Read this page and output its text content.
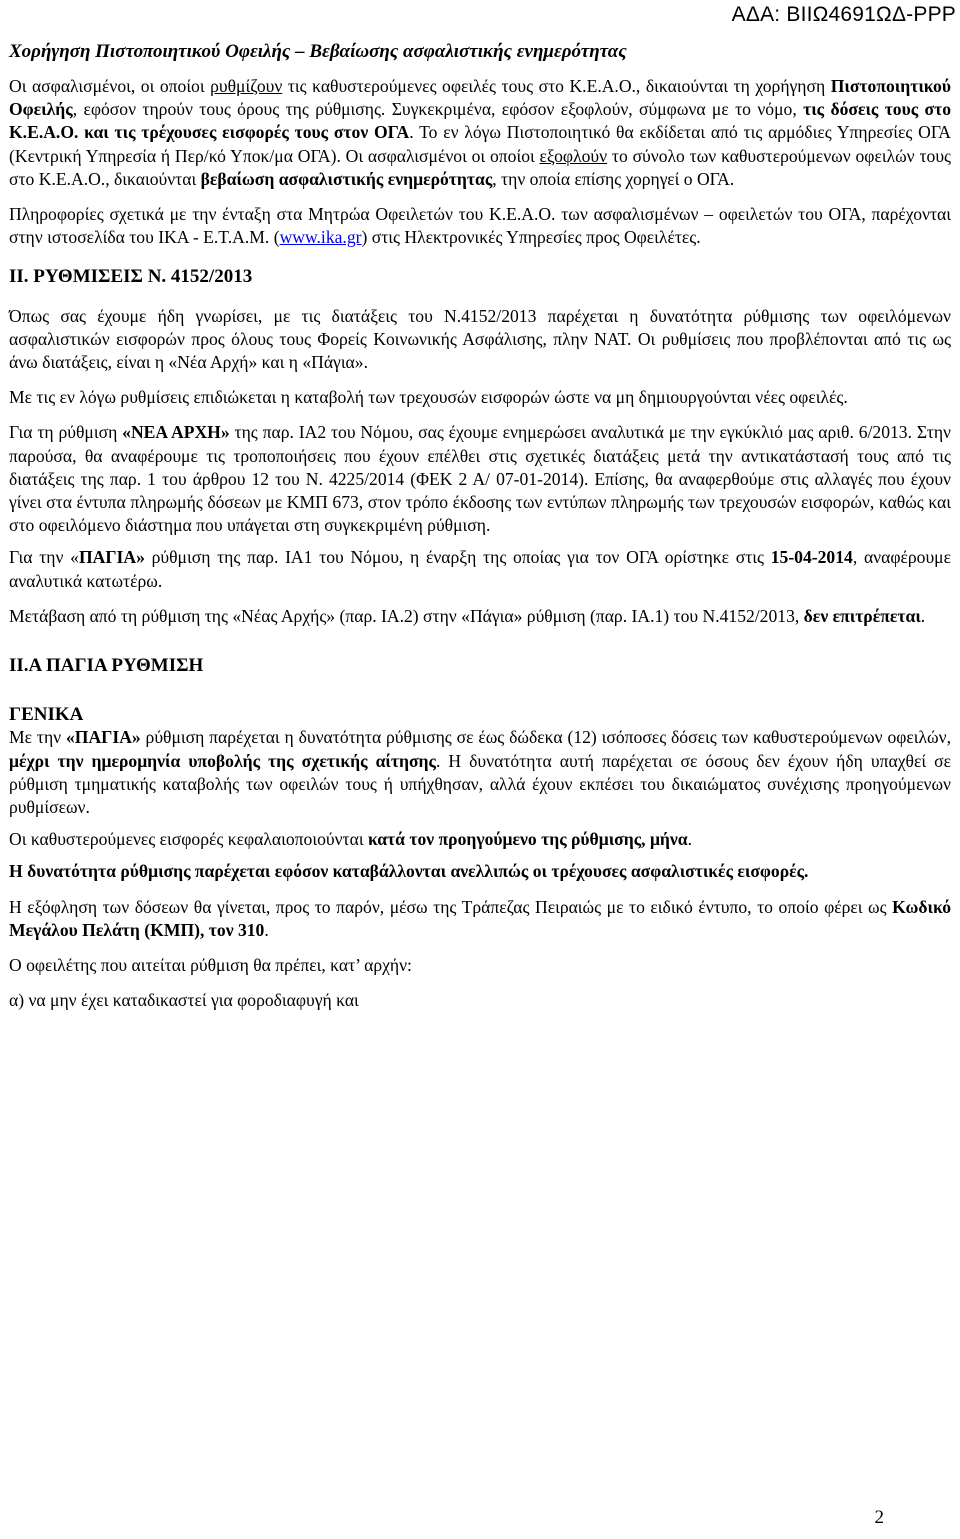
ΑΔΑ: ΒΙΙΩ4691ΩΔ-ΡΡΡ
Χορήγηση Πιστοποιητικού Οφειλής – Βεβαίωσης ασφαλιστικής ενημερότητας

Οι ασφαλισμένοι, οι οποίοι ρυθμίζουν τις καθυστερούμενες οφειλές τους στο Κ.Ε.Α.Ο., δικαιούνται τη χορήγηση Πιστοποιητικού Οφειλής, εφόσον τηρούν τους όρους της ρύθμισης. Συγκεκριμένα, εφόσον εξοφλούν, σύμφωνα με το νόμο, τις δόσεις τους στο Κ.Ε.Α.Ο. και τις τρέχουσες εισφορές τους στον ΟΓΑ. Το εν λόγω Πιστοποιητικό θα εκδίδεται από τις αρμόδιες Υπηρεσίες ΟΓΑ (Κεντρική Υπηρεσία ή Περ/κό Υποκ/μα ΟΓΑ). Οι ασφαλισμένοι οι οποίοι εξοφλούν το σύνολο των καθυστερούμενων οφειλών τους στο Κ.Ε.Α.Ο., δικαιούνται βεβαίωση ασφαλιστικής ενημερότητας, την οποία επίσης χορηγεί ο ΟΓΑ.

Πληροφορίες σχετικά με την ένταξη στα Μητρώα Οφειλετών του Κ.Ε.Α.Ο. των ασφαλισμένων – οφειλετών του ΟΓΑ, παρέχονται στην ιστοσελίδα του ΙΚΑ - Ε.Τ.Α.Μ. (www.ika.gr) στις Ηλεκτρονικές Υπηρεσίες προς Οφειλέτες.

ΙΙ. ΡΥΘΜΙΣΕΙΣ Ν. 4152/2013

Όπως σας έχουμε ήδη γνωρίσει, με τις διατάξεις του Ν.4152/2013 παρέχεται η δυνατότητα ρύθμισης των οφειλόμενων ασφαλιστικών εισφορών προς όλους τους Φορείς Κοινωνικής Ασφάλισης, πλην ΝΑΤ. Οι ρυθμίσεις που προβλέπονται από τις ως άνω διατάξεις, είναι η «Νέα Αρχή» και η «Πάγια».

Με τις εν λόγω ρυθμίσεις επιδιώκεται η καταβολή των τρεχουσών εισφορών ώστε να μη δημιουργούνται νέες οφειλές.

Για τη ρύθμιση «ΝΕΑ ΑΡΧΗ» της παρ. ΙΑ2 του Νόμου, σας έχουμε ενημερώσει αναλυτικά με την εγκύκλιό μας αριθ. 6/2013. Στην παρούσα, θα αναφέρουμε τις τροποποιήσεις που έχουν επέλθει στις σχετικές διατάξεις μετά την αντικατάστασή τους από τις διατάξεις της παρ. 1 του άρθρου 12 του Ν. 4225/2014 (ΦΕΚ 2 Α/ 07-01-2014). Επίσης, θα αναφερθούμε στις αλλαγές που έχουν γίνει στα έντυπα πληρωμής δόσεων με ΚΜΠ 673, στον τρόπο έκδοσης των εντύπων πληρωμής των τρεχουσών εισφορών, καθώς και στο οφειλόμενο διάστημα που υπάγεται στη συγκεκριμένη ρύθμιση.

Για την «ΠΑΓΙΑ» ρύθμιση της παρ. ΙΑ1 του Νόμου, η έναρξη της οποίας για τον ΟΓΑ ορίστηκε στις 15-04-2014, αναφέρουμε αναλυτικά κατωτέρω.

Μετάβαση από τη ρύθμιση της «Νέας Αρχής» (παρ. ΙΑ.2) στην «Πάγια» ρύθμιση (παρ. ΙΑ.1) του Ν.4152/2013, δεν επιτρέπεται.

ΙΙ.Α ΠΑΓΙΑ ΡΥΘΜΙΣΗ

ΓΕΝΙΚΑ

Με την «ΠΑΓΙΑ» ρύθμιση παρέχεται η δυνατότητα ρύθμισης σε έως δώδεκα (12) ισόποσες δόσεις των καθυστερούμενων οφειλών, μέχρι την ημερομηνία υποβολής της σχετικής αίτησης. Η δυνατότητα αυτή παρέχεται σε όσους δεν έχουν ήδη υπαχθεί σε ρύθμιση τμηματικής καταβολής των οφειλών τους ή υπήχθησαν, αλλά έχουν εκπέσει του δικαιώματος συνέχισης προηγούμενων ρυθμίσεων.

Οι καθυστερούμενες εισφορές κεφαλαιοποιούνται κατά τον προηγούμενο της ρύθμισης, μήνα.

Η δυνατότητα ρύθμισης παρέχεται εφόσον καταβάλλονται ανελλιπώς οι τρέχουσες ασφαλιστικές εισφορές.

Η εξόφληση των δόσεων θα γίνεται, προς το παρόν, μέσω της Τράπεζας Πειραιώς με το ειδικό έντυπο, το οποίο φέρει ως Κωδικό Μεγάλου Πελάτη (ΚΜΠ), τον 310.

Ο οφειλέτης που αιτείται ρύθμιση θα πρέπει, κατ’ αρχήν:

α) να μην έχει καταδικαστεί για φοροδιαφυγή και

2
